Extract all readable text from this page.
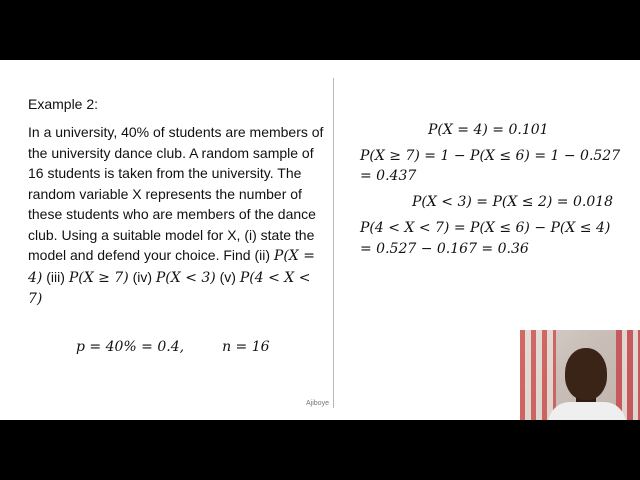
Example 2:
In a university, 40% of students are members of the university dance club. A random sample of 16 students is taken from the university. The random variable X represents the number of these students who are members of the dance club. Using a suitable model for X, (i) state the model and defend your choice. Find (ii) P(X = 4) (iii) P(X ≥ 7) (iv) P(X < 3) (v) P(4 < X < 7)
p = 40% = 0.4,	n = 16
Ajiboye
P(X = 4) = 0.101
P(X ≥ 7) = 1 − P(X ≤ 6) = 1 − 0.527
= 0.437
P(X < 3) = P(X ≤ 2) = 0.018
P(4 < X < 7) = P(X ≤ 6) − P(X ≤ 4)
= 0.527 − 0.167 = 0.36
